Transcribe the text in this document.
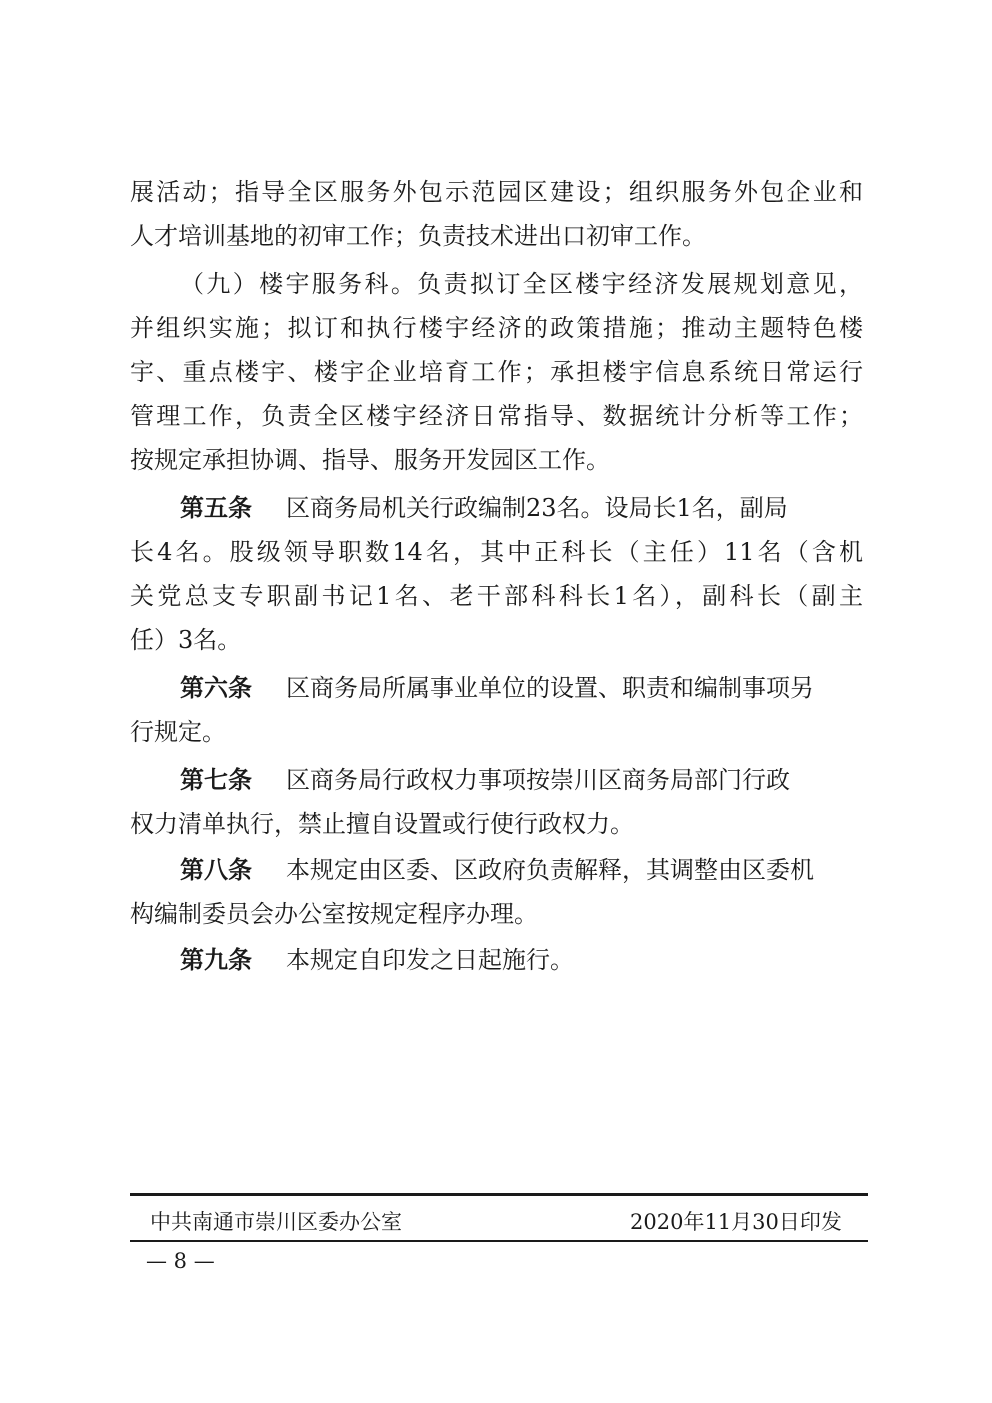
展活动；指导全区服务外包示范园区建设；组织服务外包企业和
人才培训基地的初审工作；负责技术进出口初审工作。
（九）楼宇服务科。负责拟订全区楼宇经济发展规划意见，
并组织实施；拟订和执行楼宇经济的政策措施；推动主题特色楼
宇、重点楼宇、楼宇企业培育工作；承担楼宇信息系统日常运行
管理工作，负责全区楼宇经济日常指导、数据统计分析等工作；
按规定承担协调、指导、服务开发园区工作。
第五条 区商务局机关行政编制23名。设局长1名，副局
长4名。股级领导职数14名，其中正科长（主任）11名（含机
关党总支专职副书记1名、老干部科科长1名），副科长（副主
任）3名。
第六条 区商务局所属事业单位的设置、职责和编制事项另
行规定。
第七条 区商务局行政权力事项按崇川区商务局部门行政
权力清单执行，禁止擅自设置或行使行政权力。
第八条 本规定由区委、区政府负责解释，其调整由区委机
构编制委员会办公室按规定程序办理。
第九条 本规定自印发之日起施行。
中共南通市崇川区委办公室	2020年11月30日印发
— 8 —
